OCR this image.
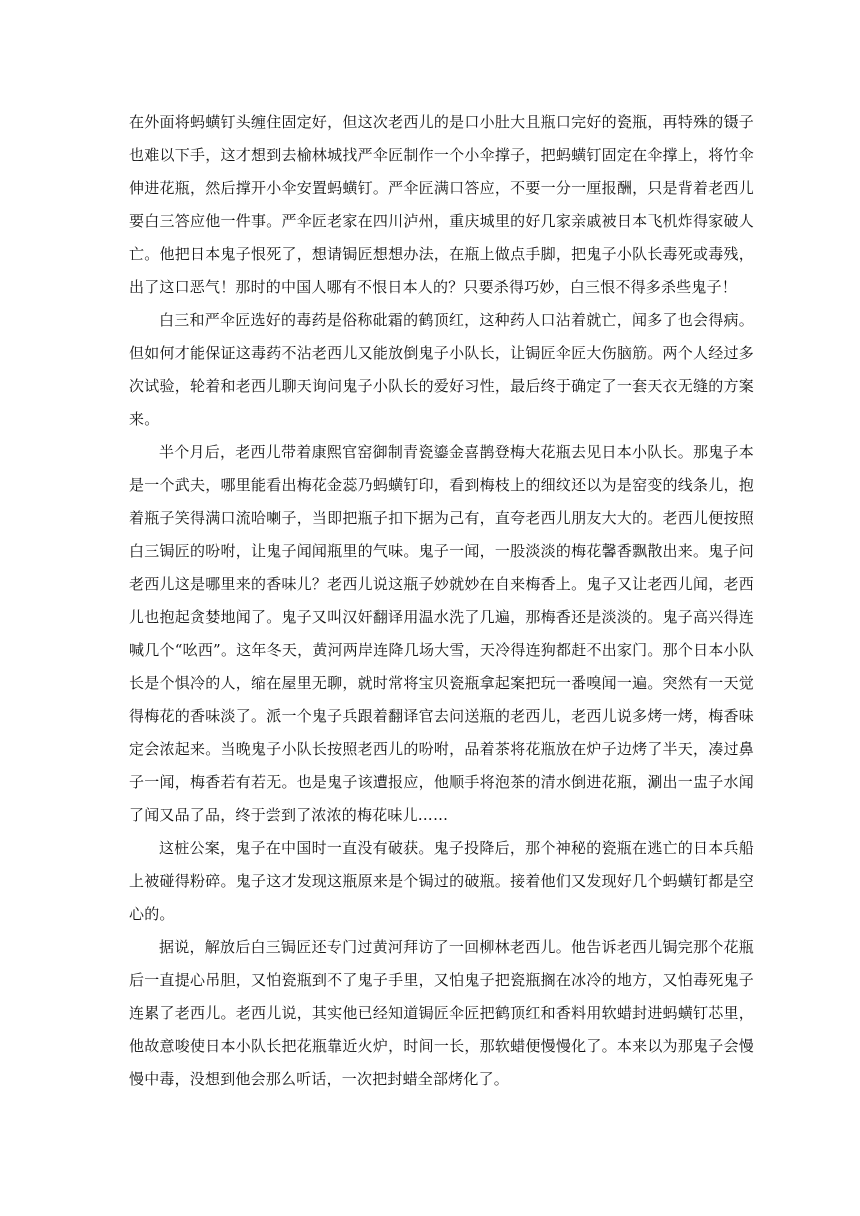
在外面将蚂蟥钉头缠住固定好，但这次老西儿的是口小肚大且瓶口完好的瓷瓶，再特殊的镊子也难以下手，这才想到去榆林城找严伞匠制作一个小伞撑子，把蚂蟥钉固定在伞撑上，将竹伞伸进花瓶，然后撑开小伞安置蚂蟥钉。严伞匠满口答应，不要一分一厘报酬，只是背着老西儿要白三答应他一件事。严伞匠老家在四川泸州，重庆城里的好几家亲戚被日本飞机炸得家破人亡。他把日本鬼子恨死了，想请锔匠想想办法，在瓶上做点手脚，把鬼子小队长毒死或毒残，出了这口恶气！那时的中国人哪有不恨日本人的？只要杀得巧妙，白三恨不得多杀些鬼子！

白三和严伞匠选好的毒药是俗称砒霜的鹤顶红，这种药人口沾着就亡，闻多了也会得病。但如何才能保证这毒药不沾老西儿又能放倒鬼子小队长，让锔匠伞匠大伤脑筋。两个人经过多次试验，轮着和老西儿聊天询问鬼子小队长的爱好习性，最后终于确定了一套天衣无缝的方案来。

半个月后，老西儿带着康熙官窑御制青瓷鎏金喜鹊登梅大花瓶去见日本小队长。那鬼子本是一个武夫，哪里能看出梅花金蕊乃蚂蟥钉印，看到梅枝上的细纹还以为是窑变的线条儿，抱着瓶子笑得满口流哈喇子，当即把瓶子扣下据为己有，直夸老西儿朋友大大的。老西儿便按照白三锔匠的吩咐，让鬼子闻闻瓶里的气味。鬼子一闻，一股淡淡的梅花馨香飘散出来。鬼子问老西儿这是哪里来的香味儿？老西儿说这瓶子妙就妙在自来梅香上。鬼子又让老西儿闻，老西儿也抱起贪婪地闻了。鬼子又叫汉奸翻译用温水洗了几遍，那梅香还是淡淡的。鬼子高兴得连喊几个“吆西”。这年冬天，黄河两岸连降几场大雪，天冷得连狗都赶不出家门。那个日本小队长是个惧冷的人，缩在屋里无聊，就时常将宝贝瓷瓶拿起案把玩一番嗅闻一遍。突然有一天觉得梅花的香味淡了。派一个鬼子兵跟着翻译官去问送瓶的老西儿，老西儿说多烤一烤，梅香味定会浓起来。当晚鬼子小队长按照老西儿的吩咐，品着茶将花瓶放在炉子边烤了半天，凑过鼻子一闻，梅香若有若无。也是鬼子该遭报应，他顺手将泡茶的清水倒进花瓶，涮出一盅子水闻了闻又品了品，终于尝到了浓浓的梅花味儿……

这桩公案，鬼子在中国时一直没有破获。鬼子投降后，那个神秘的瓷瓶在逃亡的日本兵船上被碰得粉碎。鬼子这才发现这瓶原来是个锔过的破瓶。接着他们又发现好几个蚂蟥钉都是空心的。

据说，解放后白三锔匠还专门过黄河拜访了一回柳林老西儿。他告诉老西儿锔完那个花瓶后一直提心吊胆，又怕瓷瓶到不了鬼子手里，又怕鬼子把瓷瓶搁在冰冷的地方，又怕毒死鬼子连累了老西儿。老西儿说，其实他已经知道锔匠伞匠把鹤顶红和香料用软蜡封进蚂蟥钉芯里，他故意唆使日本小队长把花瓶靠近火炉，时间一长，那软蜡便慢慢化了。本来以为那鬼子会慢慢中毒，没想到他会那么听话，一次把封蜡全部烤化了。
